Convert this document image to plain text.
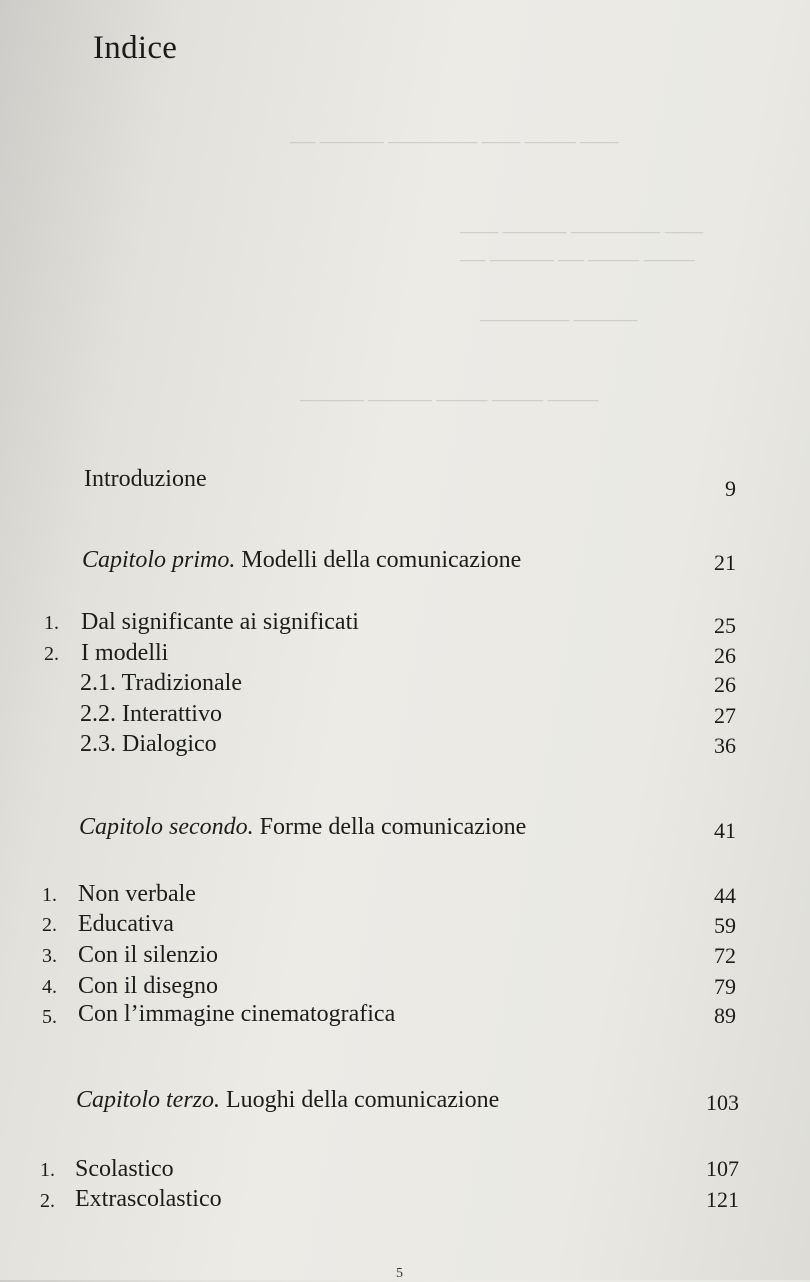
─── ──── ─── ─────── ───── ──
─── ─────── ───── ───
──── ──── ── ───── ──
───── ───────
──── ──── ──── ───── ─────
Indice
Introduzione	9
Capitolo primo. Modelli della comunicazione	21
1. Dal significante ai significati	25
2. I modelli	26
2.1. Tradizionale	26
2.2. Interattivo	27
2.3. Dialogico	36
Capitolo secondo. Forme della comunicazione	41
1. Non verbale	44
2. Educativa	59
3. Con il silenzio	72
4. Con il disegno	79
5. Con l’immagine cinematografica	89
Capitolo terzo. Luoghi della comunicazione	103
1. Scolastico	107
2. Extrascolastico	121
5
